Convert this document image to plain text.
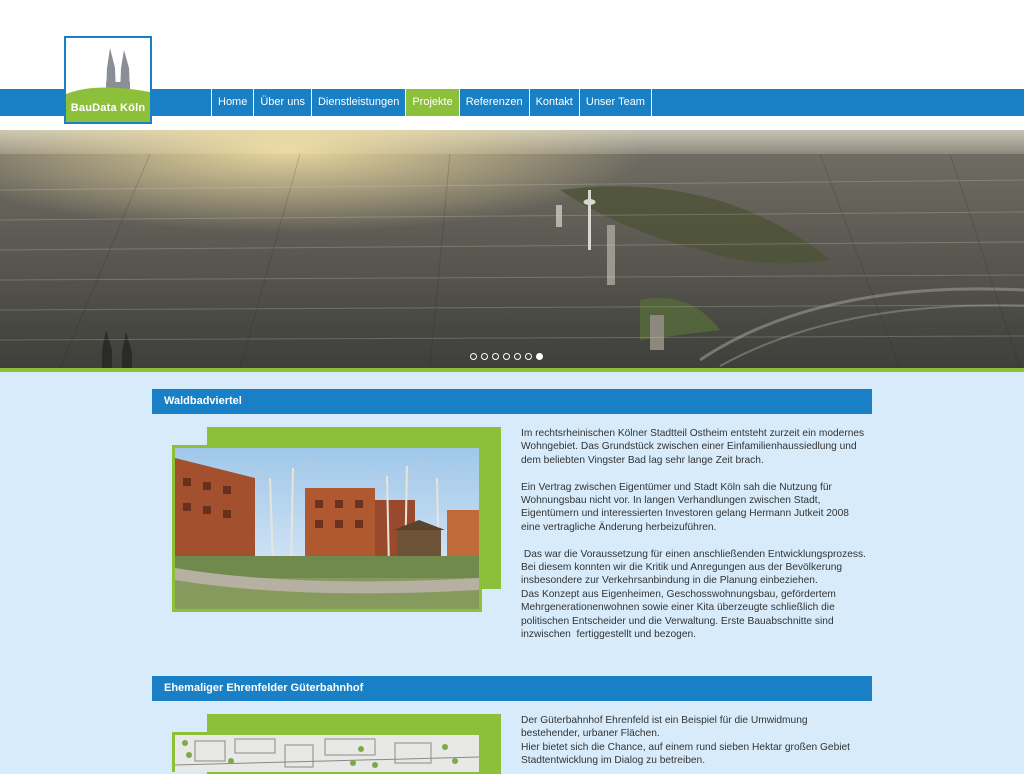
BauData Köln	Home	Über uns	Dienstleistungen	Projekte	Referenzen	Kontakt	Unser Team
Waldbadviertel

Im rechtsrheinischen Kölner Stadtteil Ostheim entsteht zurzeit ein modernes Wohngebiet. Das Grundstück zwischen einer Einfamilienhaussiedlung und dem beliebten Vingster Bad lag sehr lange Zeit brach.

Ein Vertrag zwischen Eigentümer und Stadt Köln sah die Nutzung für Wohnungsbau nicht vor. In langen Verhandlungen zwischen Stadt, Eigentümern und interessierten Investoren gelang Hermann Jutkeit 2008 eine vertragliche Änderung herbeizuführen.

Das war die Voraussetzung für einen anschließenden Entwicklungsprozess. Bei diesem konnten wir die Kritik und Anregungen aus der Bevölkerung insbesondere zur Verkehrsanbindung in die Planung einbeziehen.

Das Konzept aus Eigenheimen, Geschosswohnungsbau, gefördertem Mehrgenerationenwohnen sowie einer Kita überzeugte schließlich die politischen Entscheider und die Verwaltung. Erste Bauabschnitte sind inzwischen  fertiggestellt und bezogen.

Ehemaliger Ehrenfelder Güterbahnhof

Der Güterbahnhof Ehrenfeld ist ein Beispiel für die Umwidmung bestehender, urbaner Flächen.

Hier bietet sich die Chance, auf einem rund sieben Hektar großen Gebiet Stadtentwicklung im Dialog zu betreiben.
